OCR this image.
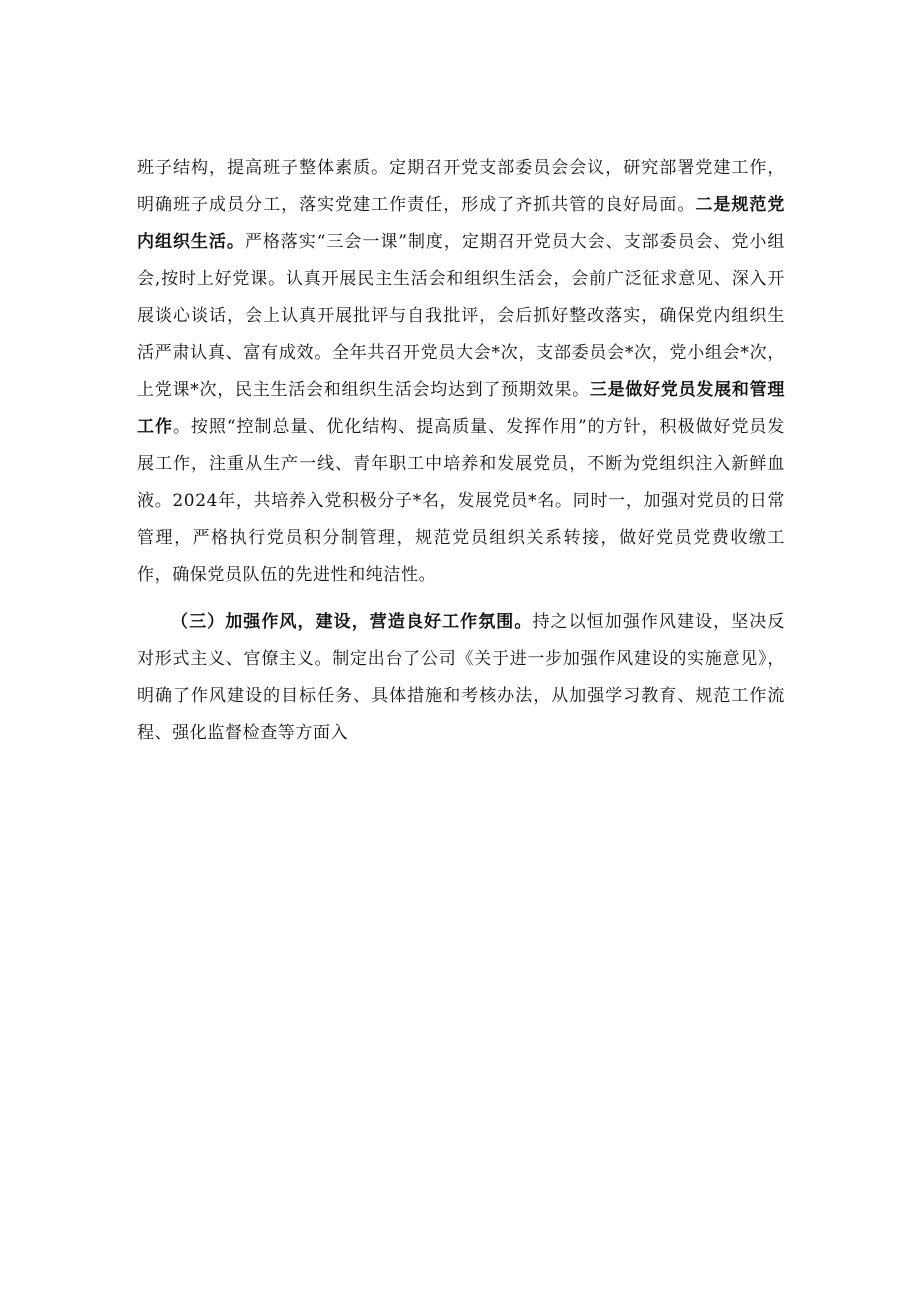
班子结构，提高班子整体素质。定期召开党支部委员会会议，研究部署党建工作，明确班子成员分工，落实党建工作责任，形成了齐抓共管的良好局面。二是规范党内组织生活。严格落实“三会一课”制度，定期召开党员大会、支部委员会、党小组会,按时上好党课。认真开展民主生活会和组织生活会，会前广泛征求意见、深入开展谈心谈话，会上认真开展批评与自我批评，会后抓好整改落实，确保党内组织生活严肃认真、富有成效。全年共召开党员大会*次，支部委员会*次，党小组会*次，上党课*次，民主生活会和组织生活会均达到了预期效果。三是做好党员发展和管理工作。按照“控制总量、优化结构、提高质量、发挥作用”的方针，积极做好党员发展工作，注重从生产一线、青年职工中培养和发展党员，不断为党组织注入新鲜血液。2024年，共培养入党积极分子*名，发展党员*名。同时一，加强对党员的日常管理，严格执行党员积分制管理，规范党员组织关系转接，做好党员党费收缴工作，确保党员队伍的先进性和纯洁性。

（三）加强作风，建设，营造良好工作氛围。持之以恒加强作风建设，坚决反对形式主义、官僚主义。制定出台了公司《关于进一步加强作风建设的实施意见》，明确了作风建设的目标任务、具体措施和考核办法，从加强学习教育、规范工作流程、强化监督检查等方面入
